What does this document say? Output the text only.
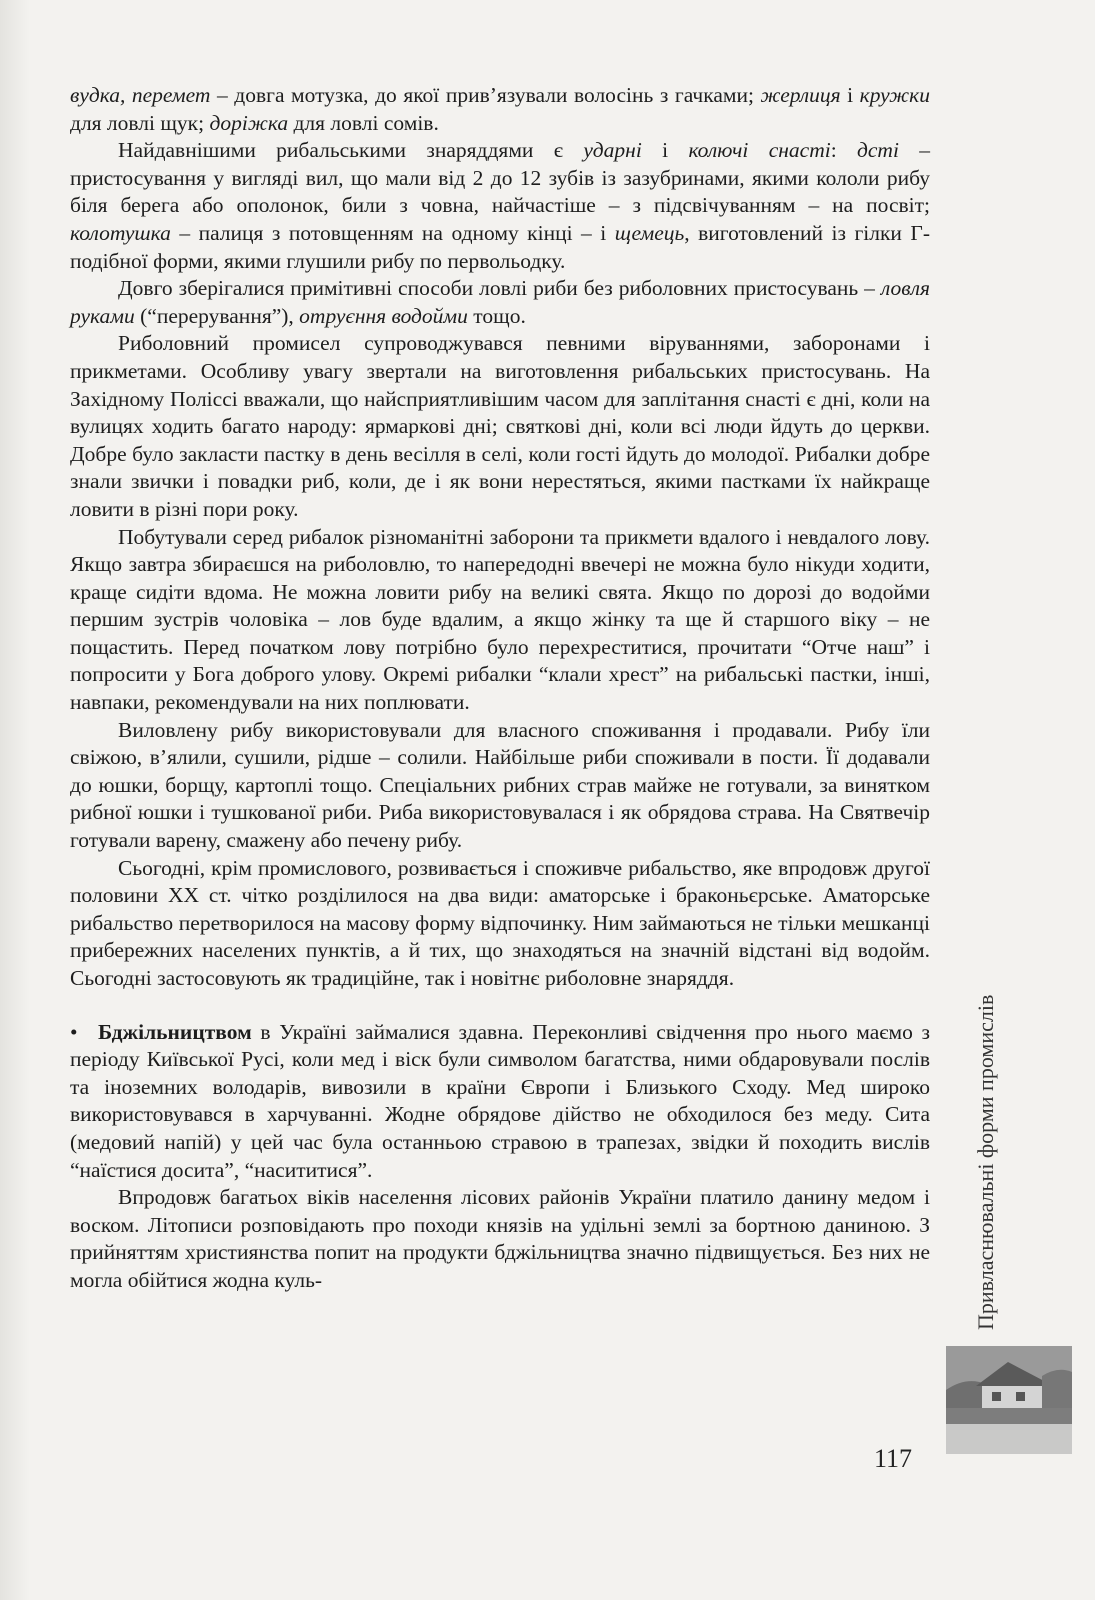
вудка, перемет – довга мотузка, до якої прив’язували волосінь з гачками; жерлиця і кружки для ловлі щук; доріжка для ловлі сомів.

Найдавнішими рибальськими знаряддями є ударні і колючі снасті: дсті – пристосування у вигляді вил, що мали від 2 до 12 зубів із зазубринами, якими кололи рибу біля берега або ополонок, били з човна, найчастіше – з підсвічуванням – на посвіт; колотушка – палиця з потовщенням на одному кінці – і щемець, виготовлений із гілки Г-подібної форми, якими глушили рибу по первольодку.

Довго зберігалися примітивні способи ловлі риби без риболовних пристосувань – ловля руками (“перерування”), отруєння водойми тощо.

Риболовний промисел супроводжувався певними віруваннями, заборонами і прикметами. Особливу увагу звертали на виготовлення рибальських пристосувань. На Західному Поліссі вважали, що найсприятливішим часом для заплітання снасті є дні, коли на вулицях ходить багато народу: ярмаркові дні; святкові дні, коли всі люди йдуть до церкви. Добре було закласти пастку в день весілля в селі, коли гості йдуть до молодої. Рибалки добре знали звички і повадки риб, коли, де і як вони нерестяться, якими пастками їх найкраще ловити в різні пори року.

Побутували серед рибалок різноманітні заборони та прикмети вдалого і невдалого лову. Якщо завтра збираєшся на риболовлю, то напередодні ввечері не можна було нікуди ходити, краще сидіти вдома. Не можна ловити рибу на великі свята. Якщо по дорозі до водойми першим зустрів чоловіка – лов буде вдалим, а якщо жінку та ще й старшого віку – не пощастить. Перед початком лову потрібно було перехреститися, прочитати “Отче наш” і попросити у Бога доброго улову. Окремі рибалки “клали хрест” на рибальські пастки, інші, навпаки, рекомендували на них поплювати.

Виловлену рибу використовували для власного споживання і продавали. Рибу їли свіжою, в’ялили, сушили, рідше – солили. Найбільше риби споживали в пости. Її додавали до юшки, борщу, картоплі тощо. Спеціальних рибних страв майже не готували, за винятком рибної юшки і тушкованої риби. Риба використовувалася і як обрядова страва. На Святвечір готували варену, смажену або печену рибу.

Сьогодні, крім промислового, розвивається і споживче рибальство, яке впродовж другої половини XX ст. чітко розділилося на два види: аматорське і браконьєрське. Аматорське рибальство перетворилося на масову форму відпочинку. Ним займаються не тільки мешканці прибережних населених пунктів, а й тих, що знаходяться на значній відстані від водойм. Сьогодні застосовують як традиційне, так і новітнє риболовне знаряддя.

• Бджільництвом в Україні займалися здавна. Переконливі свідчення про нього маємо з періоду Київської Русі, коли мед і віск були символом багатства, ними обдаровували послів та іноземних володарів, вивозили в країни Європи і Близького Сходу. Мед широко використовувався в харчуванні. Жодне обрядове дійство не обходилося без меду. Сита (медовий напій) у цей час була останньою стравою в трапезах, звідки й походить вислів “наїстися досита”, “насититися”.

Впродовж багатьох віків населення лісових районів України платило данину медом і воском. Літописи розповідають про походи князів на удільні землі за бортною даниною. З прийняттям християнства попит на продукти бджільництва значно підвищується. Без них не могла обійтися жодна куль-	Привласнювальні форми промислів
117
